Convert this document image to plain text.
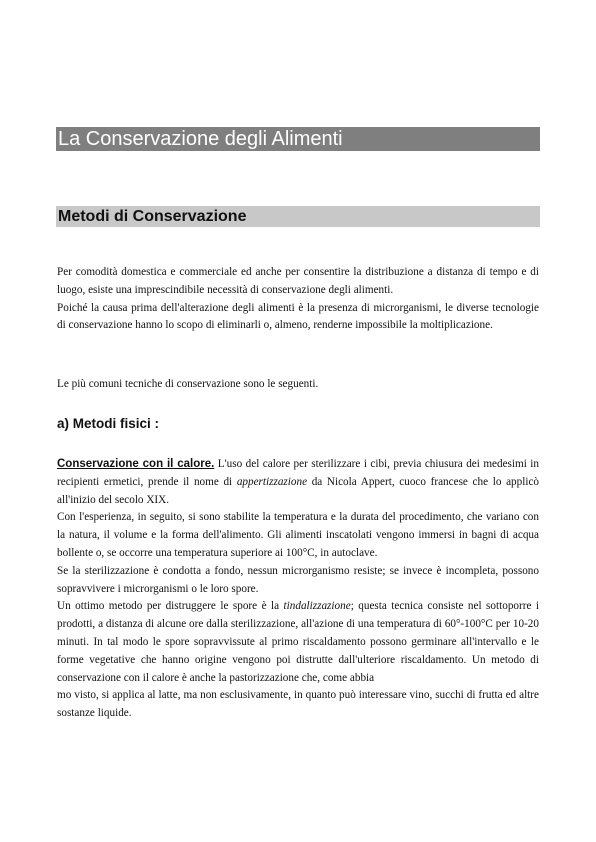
La Conservazione degli Alimenti
Metodi di Conservazione

Per comodità domestica e commerciale ed anche per consentire la distribuzione a distanza di tempo e di luogo, esiste una imprescindibile necessità di conservazione degli alimenti.

Poiché la causa prima dell'alterazione degli alimenti è la presenza di microrganismi, le diverse tecnologie di conservazione hanno lo scopo di eliminarli o, almeno, renderne impossibile la moltiplicazione.

Le più comuni tecniche di conservazione sono le seguenti.

a) Metodi fisici :

Conservazione con il calore. L'uso del calore per sterilizzare i cibi, previa chiusura dei medesimi in recipienti ermetici, prende il nome di appertizzazione da Nicola Appert, cuoco francese che lo applicò all'inizio del secolo XIX.

Con l'esperienza, in seguito, si sono stabilite la temperatura e la durata del procedimento, che variano con la natura, il volume e la forma dell'alimento. Gli alimenti inscatolati vengono immersi in bagni di acqua bollente o, se occorre una temperatura superiore ai 100°C, in autoclave.

Se la sterilizzazione è condotta a fondo, nessun microrganismo resiste; se invece è incompleta, possono sopravvivere i microrganismi o le loro spore.

Un ottimo metodo per distruggere le spore è la tindalizzazione; questa tecnica consiste nel sottoporre i prodotti, a distanza di alcune ore dalla sterilizzazione, all'azione di una temperatura di 60°-100°C per 10-20 minuti. In tal modo le spore sopravvissute al primo riscaldamento possono germinare all'intervallo e le forme vegetative che hanno origine vengono poi distrutte dall'ulteriore riscaldamento. Un metodo di conservazione con il calore è anche la pastorizzazione che, come abbia

mo visto, si applica al latte, ma non esclusivamente, in quanto può interessare vino, succhi di frutta ed altre sostanze liquide.
